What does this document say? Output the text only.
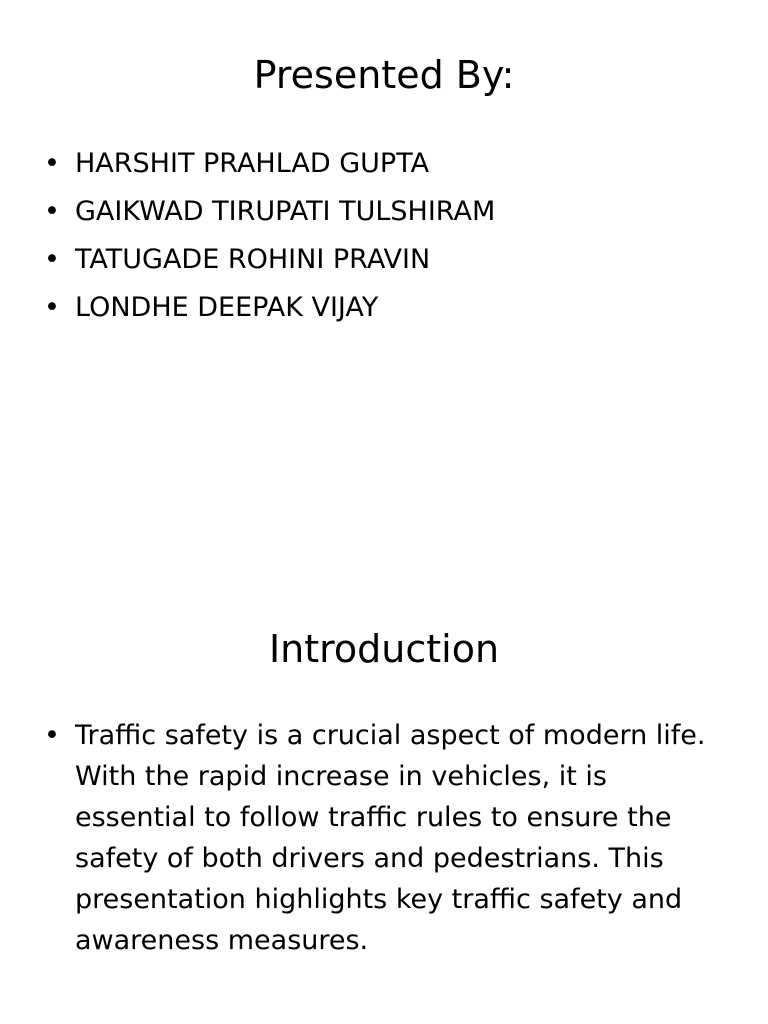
Presented By:
• HARSHIT PRAHLAD GUPTA
• GAIKWAD TIRUPATI TULSHIRAM
• TATUGADE ROHINI PRAVIN
• LONDHE DEEPAK VIJAY
Introduction
• Traffic safety is a crucial aspect of modern life. With the rapid increase in vehicles, it is essential to follow traffic rules to ensure the safety of both drivers and pedestrians. This presentation highlights key traffic safety and awareness measures.
